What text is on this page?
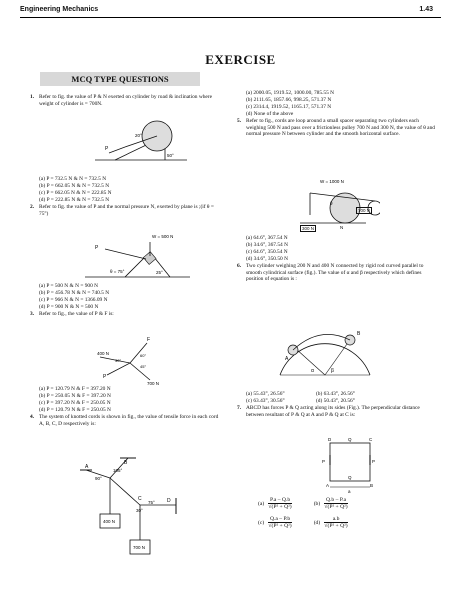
Engineering Mechanics	1.43
EXERCISE
MCQ TYPE QUESTIONS

1. Refer to fig. the value of P & N exerted on cylinder by road & inclination where weight of cylinder is = 700N.

P
20°
50°

(a) P = 732.5 N & N = 732.5 N

(b) P = 662.05 N & N = 732.5 N

(c) P = 662.05 N & N = 222.85 N

(d) P = 222.85 N & N = 732.5 N

2. Refer to fig. the value of P and the normal pressure N, exerted by plane is ;(if θ = 75°)

W = 500 N
P
θ = 75°	25°

(a) P = 500 N & N = 900 N

(b) P = 456.78 N & N = 740.5 N

(c) P = 966 N & N = 1366.09 N

(d) P = 900 N & N = 500 N

3. Refer to fig., the value of P & F is:

F
400 N
P
700 N
30°
60°
45°

(a) P = 120.79 N & F = 397.20 N

(b) P = 250.05 N & F = 397.20 N

(c) P = 397.20 N & F = 250.05 N

(d) P = 120.79 N & F = 250.05 N

4. The system of knotted cords is shown in fig., the value of tensile force in each cord A, B, C, D respectively is:

A
B
C	D
90°
105°
30°
75°
400 N
700 N

(a) 2000.05, 1919.52, 1000.00, 785.55 N

(b) 2111.65, 1857.66, 998.25, 571.37 N

(c) 2314.4, 1919.52, 1165.17, 571.37 N

(d) None of the above

5. Refer to fig., cords are loop around a small spacer separating two cylinders each weighing 500 N and pass over a frictionless pulley 700 N and 300 N, the value of θ and normal pressure N between cylinder and the smooth horizontal surface.

W = 1000 N
θ
N
700 N
300 N

(a) 64.6°, 367.54 N

(b) 34.6°, 367.54 N

(c) 64.6°, 350.54 N

(d) 34.6°, 350.50 N

6. Two cylinder weighing 200 N and 400 N connected by rigid rod curved parallel to smooth cylindrical surface (fig.). The value of α and β respectively which defines position of equation is :

A
B
α	β
(a) 55.43°, 26.56°	(b) 63.43°, 26.56°
(c) 63.43°, 30.56°	(d) 50.43°, 20.56°

7. ABCD has forces P & Q acting along its sides (Fig.). The perpendicular distance between resultant of P & Q at A and P & Q at C is:

D	C
A	B
P	P
Q
Q
a
$(a) \frac{P.a - Q.b}{\text{√(P² + Q²)}}$	$(b) \frac{Q.b - P.a}{\text{√(P² + Q²)}}$
$(c) \frac{Q.a - P.b}{\text{√(P² + Q²)}}$	$(d) \frac{a.b}{\text{√(P² + Q²)}}$
